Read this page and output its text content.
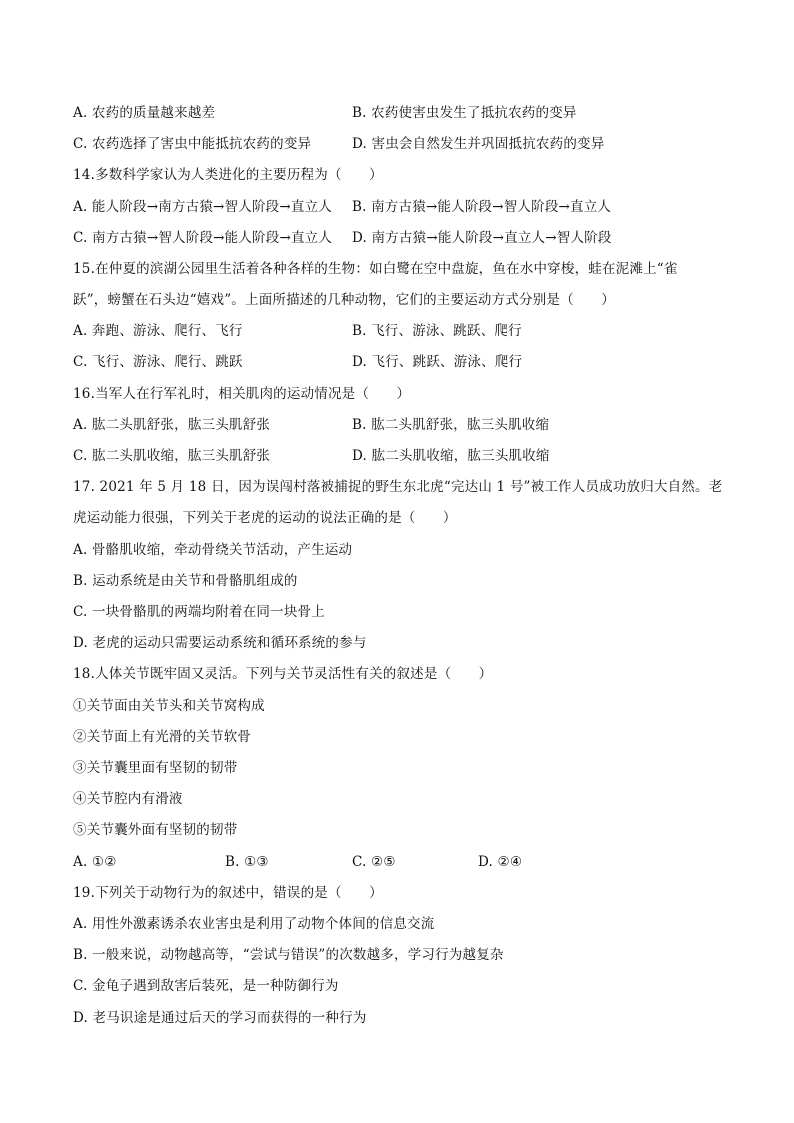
A. 农药的质量越来越差	B. 农药使害虫发生了抵抗农药的变异
C. 农药选择了害虫中能抵抗农药的变异	D. 害虫会自然发生并巩固抵抗农药的变异
14.多数科学家认为人类进化的主要历程为（　　）
A. 能人阶段→南方古猿→智人阶段→直立人 B. 南方古猿→能人阶段→智人阶段→直立人
C. 南方古猿→智人阶段→能人阶段→直立人 D. 南方古猿→能人阶段→直立人→智人阶段
15.在仲夏的滨湖公园里生活着各种各样的生物：如白鹭在空中盘旋，鱼在水中穿梭，蛙在泥滩上“雀
跃”，螃蟹在石头边“嬉戏”。上面所描述的几种动物，它们的主要运动方式分别是（　　）
A. 奔跑、游泳、爬行、飞行	B. 飞行、游泳、跳跃、爬行
C. 飞行、游泳、爬行、跳跃	D. 飞行、跳跃、游泳、爬行
16.当军人在行军礼时，相关肌肉的运动情况是（　　）
A. 肱二头肌舒张，肱三头肌舒张	B. 肱二头肌舒张，肱三头肌收缩
C. 肱二头肌收缩，肱三头肌舒张	D. 肱二头肌收缩，肱三头肌收缩
17. 2021 年 5 月 18 日，因为误闯村落被捕捉的野生东北虎“完达山 1 号”被工作人员成功放归大自然。老
虎运动能力很强，下列关于老虎的运动的说法正确的是（　　）
A. 骨骼肌收缩，牵动骨绕关节活动，产生运动
B. 运动系统是由关节和骨骼肌组成的
C. 一块骨骼肌的两端均附着在同一块骨上
D. 老虎的运动只需要运动系统和循环系统的参与
18.人体关节既牢固又灵活。下列与关节灵活性有关的叙述是（　　）
①关节面由关节头和关节窝构成
②关节面上有光滑的关节软骨
③关节囊里面有坚韧的韧带
④关节腔内有滑液
⑤关节囊外面有坚韧的韧带
A. ①②	B. ①③	C. ②⑤	D. ②④
19.下列关于动物行为的叙述中，错误的是（　　）
A. 用性外激素诱杀农业害虫是利用了动物个体间的信息交流
B. 一般来说，动物越高等，“尝试与错误”的次数越多，学习行为越复杂
C. 金龟子遇到敌害后装死，是一种防御行为
D. 老马识途是通过后天的学习而获得的一种行为
